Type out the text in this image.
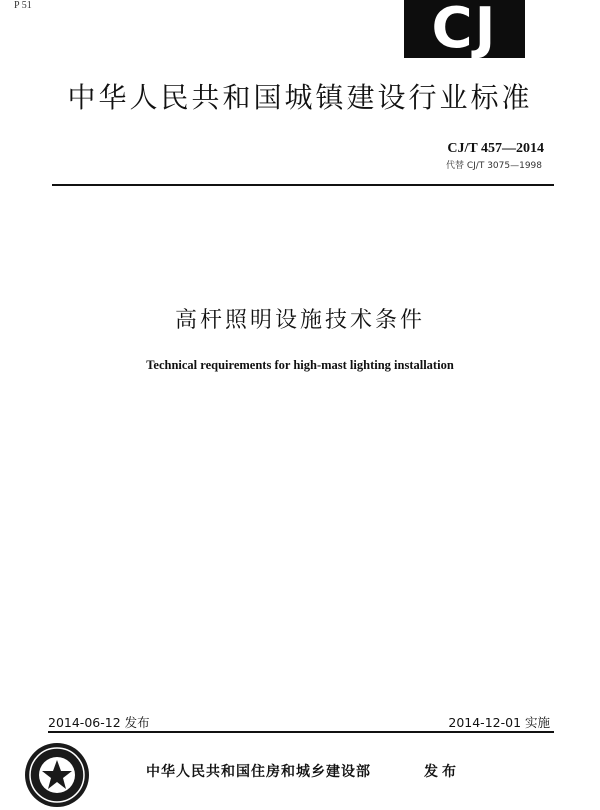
P 51	CJ
中华人民共和国城镇建设行业标准
CJ/T 457—2014
代替 CJ/T 3075—1998
高杆照明设施技术条件
Technical requirements for high-mast lighting installation
2014-06-12 发布	2014-12-01 实施
中华人民共和国住房和城乡建设部	发布
